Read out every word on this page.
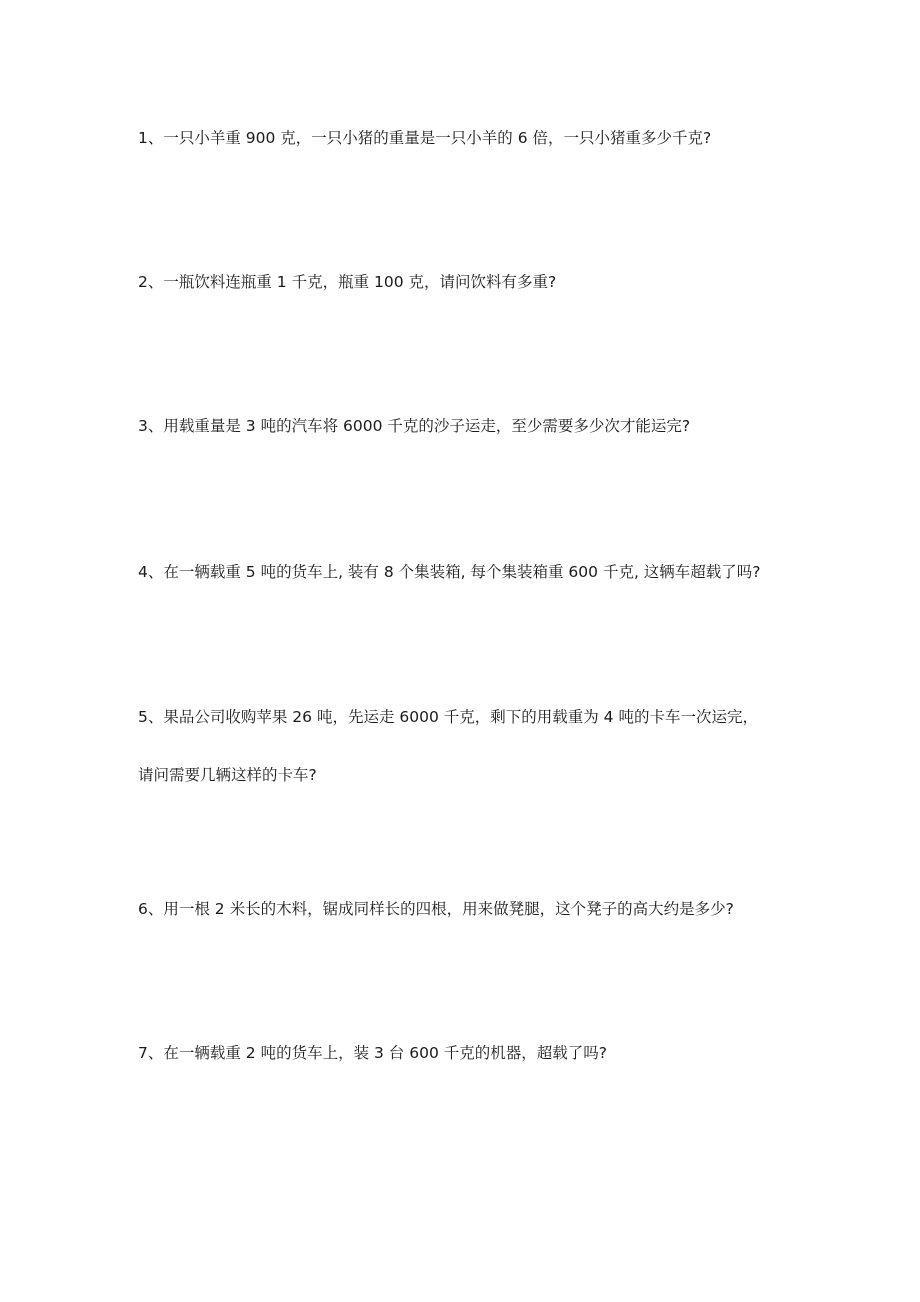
1、一只小羊重 900 克，一只小猪的重量是一只小羊的 6 倍，一只小猪重多少千克?
2、一瓶饮料连瓶重 1 千克，瓶重 100 克，请问饮料有多重?
3、用载重量是 3 吨的汽车将 6000 千克的沙子运走，至少需要多少次才能运完?
4、在一辆载重 5 吨的货车上, 装有 8 个集装箱, 每个集装箱重 600 千克, 这辆车超载了吗?
5、果品公司收购苹果 26 吨，先运走 6000 千克，剩下的用载重为 4 吨的卡车一次运完，
请问需要几辆这样的卡车?
6、用一根 2 米长的木料，锯成同样长的四根，用来做凳腿，这个凳子的高大约是多少?
7、在一辆载重 2 吨的货车上，装 3 台 600 千克的机器，超载了吗?
